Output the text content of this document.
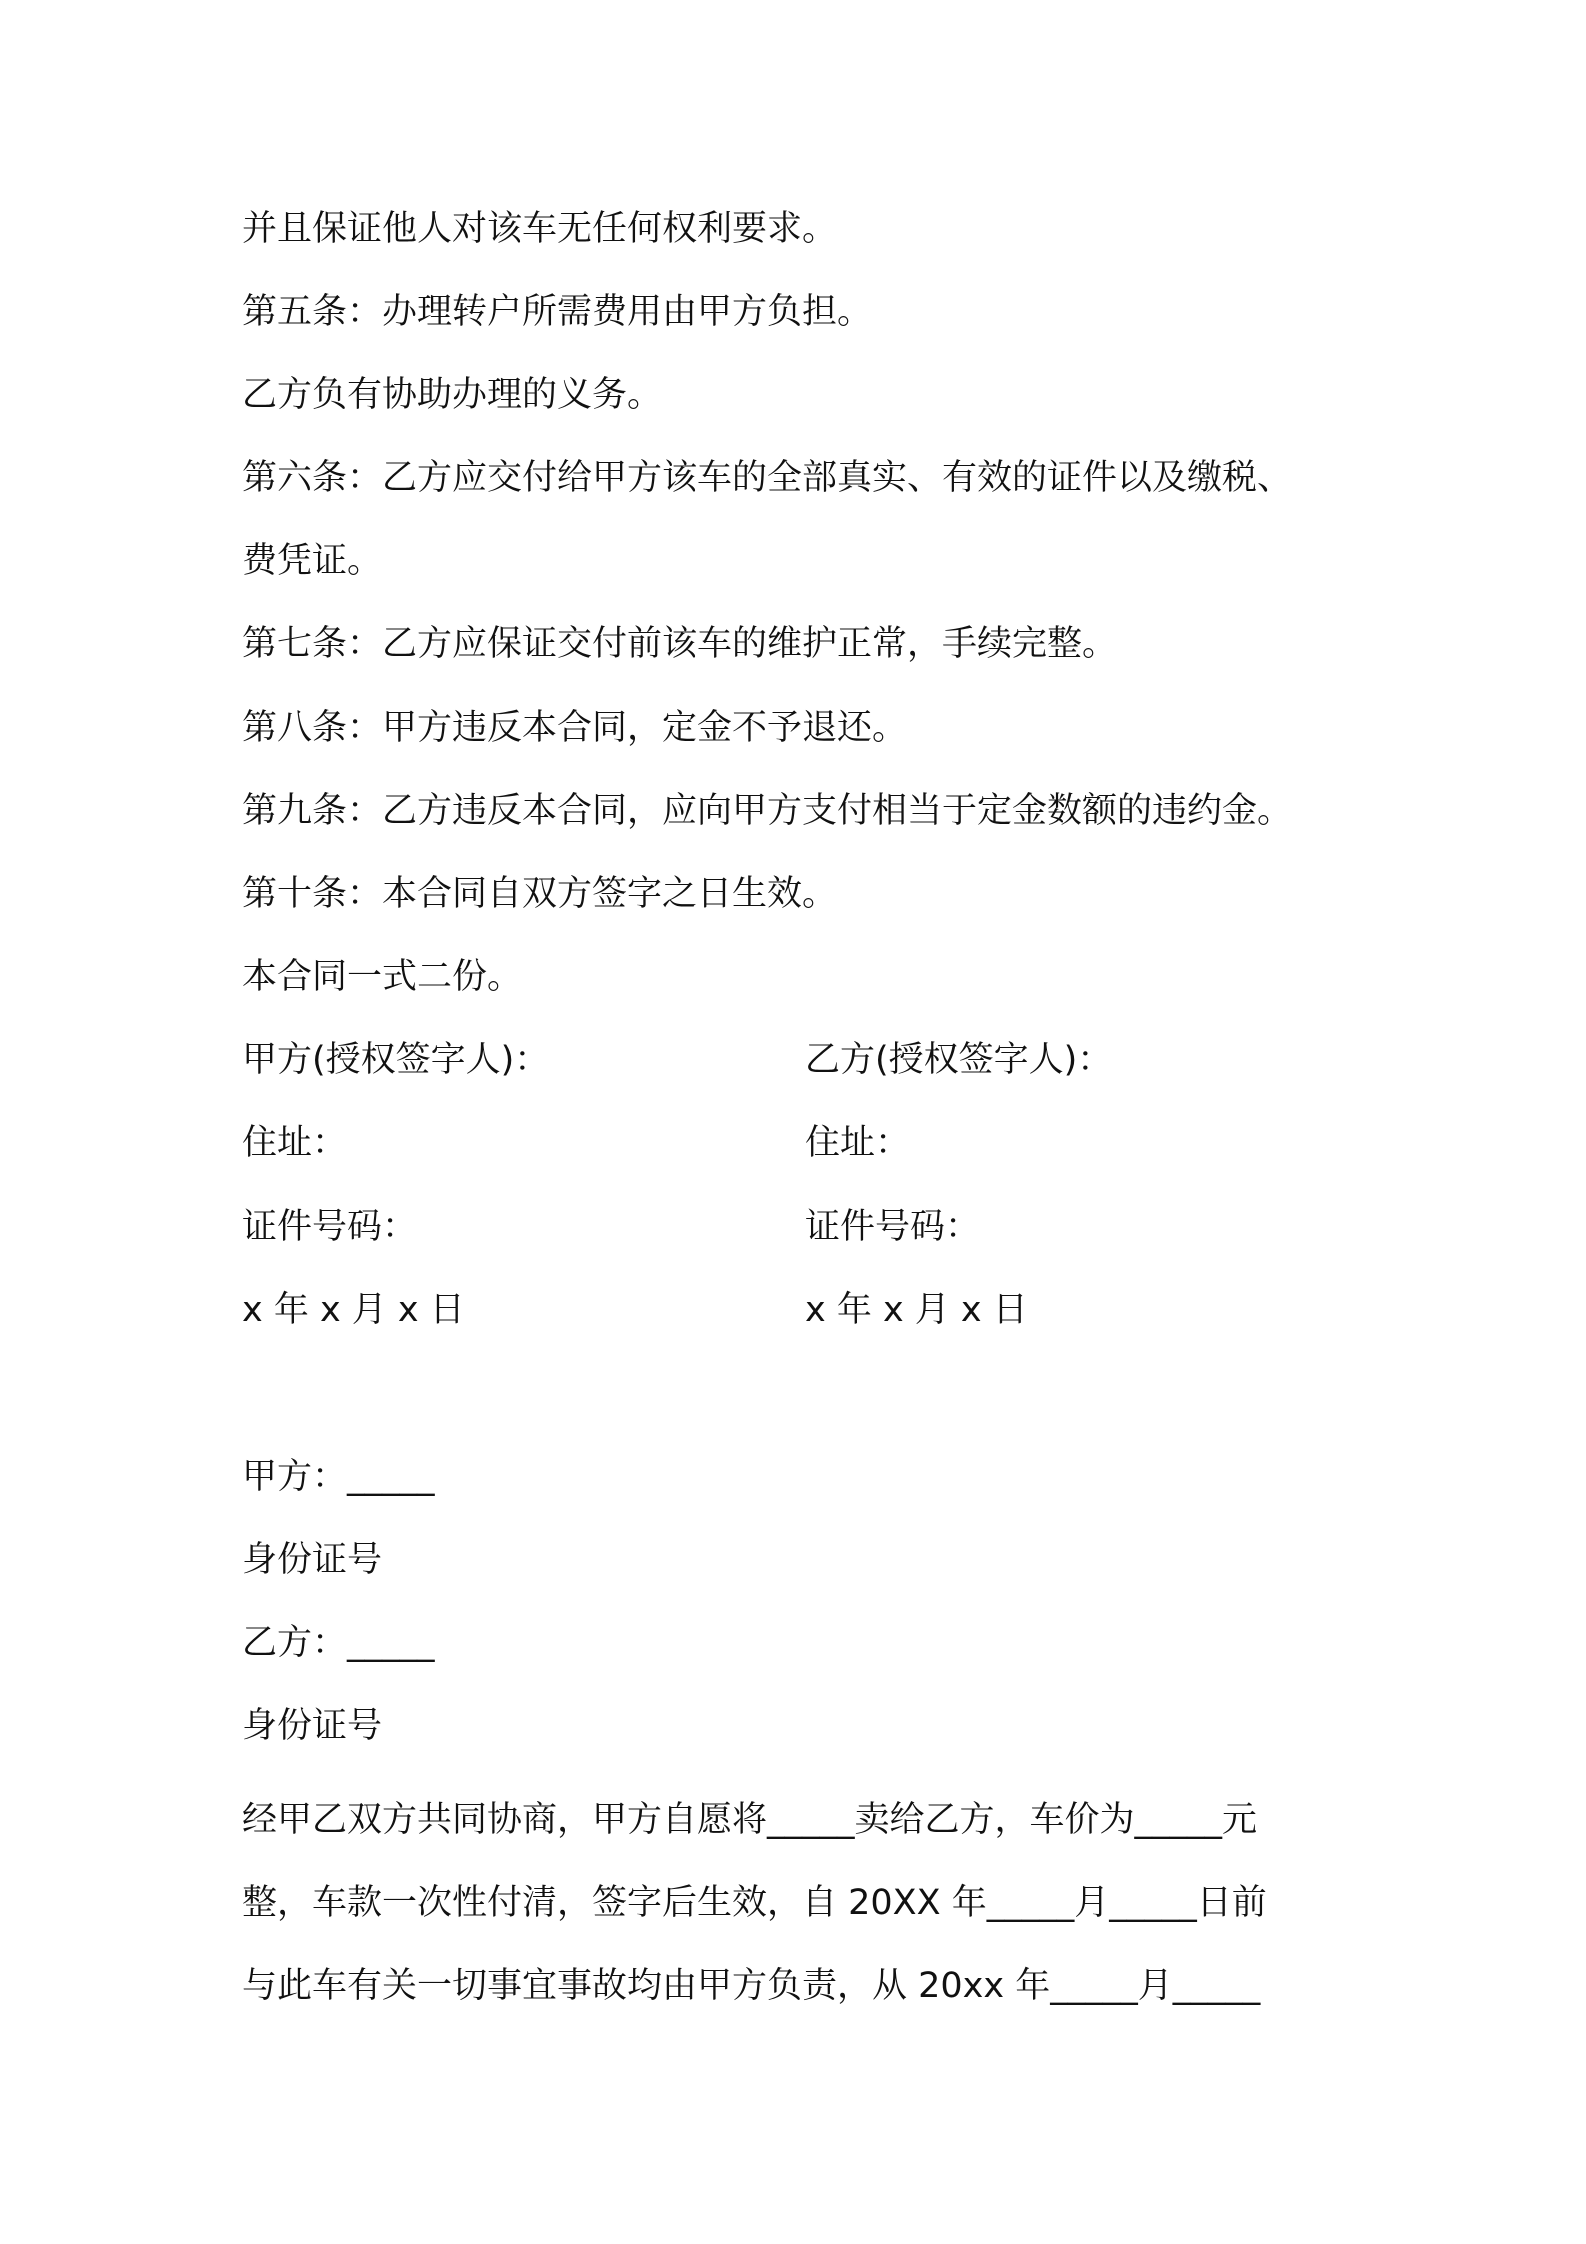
并且保证他人对该车无任何权利要求。
第五条：办理转户所需费用由甲方负担。
乙方负有协助办理的义务。
第六条：乙方应交付给甲方该车的全部真实、有效的证件以及缴税、
费凭证。
第七条：乙方应保证交付前该车的维护正常，手续完整。
第八条：甲方违反本合同，定金不予退还。
第九条：乙方违反本合同，应向甲方支付相当于定金数额的违约金。
第十条：本合同自双方签字之日生效。
本合同一式二份。
甲方(授权签字人)：	乙方(授权签字人)：
住址：	住址：
证件号码：	证件号码：
x 年 x 月 x 日	x 年 x 月 x 日
甲方：_____
身份证号
乙方：_____
身份证号
经甲乙双方共同协商，甲方自愿将_____卖给乙方，车价为_____元
整，车款一次性付清，签字后生效，自 20XX 年_____月_____日前
与此车有关一切事宜事故均由甲方负责，从 20xx 年_____月_____
